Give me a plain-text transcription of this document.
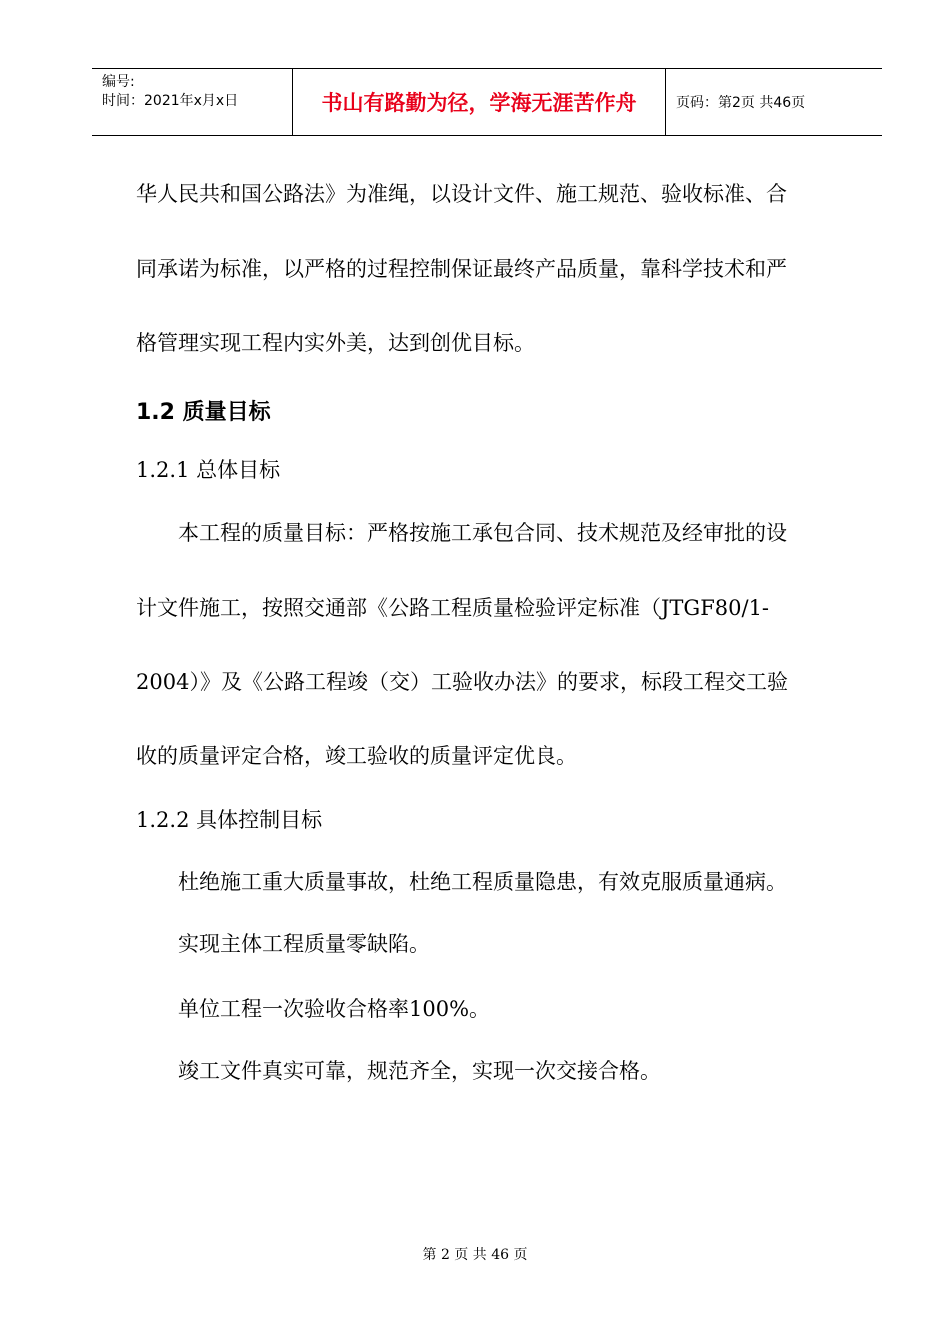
编号:
时间：2021年x月x日	书山有路勤为径，学海无涯苦作舟	页码：第2页 共46页
华人民共和国公路法》为准绳，以设计文件、施工规范、验收标准、合
同承诺为标准，以严格的过程控制保证最终产品质量，靠科学技术和严
格管理实现工程内实外美，达到创优目标。
1.2 质量目标
1.2.1 总体目标
本工程的质量目标：严格按施工承包合同、技术规范及经审批的设
计文件施工，按照交通部《公路工程质量检验评定标准（JTGF80/1-
2004）》及《公路工程竣（交）工验收办法》的要求，标段工程交工验
收的质量评定合格，竣工验收的质量评定优良。
1.2.2 具体控制目标
杜绝施工重大质量事故，杜绝工程质量隐患，有效克服质量通病。
实现主体工程质量零缺陷。
单位工程一次验收合格率100%。
竣工文件真实可靠，规范齐全，实现一次交接合格。
第 2 页 共 46 页
